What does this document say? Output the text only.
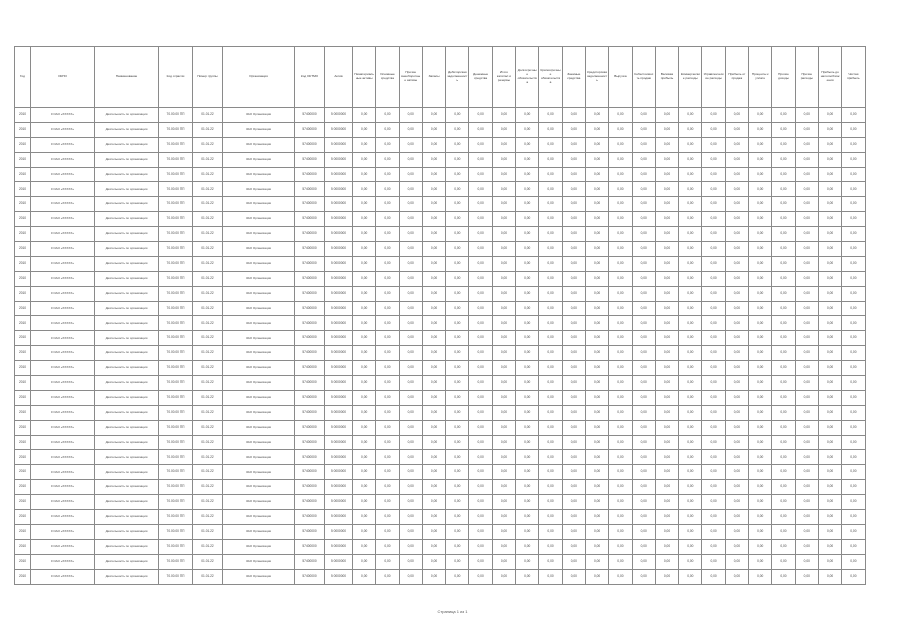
Год	ОКПО	Наименование	Код отрасли	Номер группы	Организация	Код ОКТМО	Актив	Нематериальные активы	Основные средства	Прочие внеоборотные активы	Запасы	Дебиторская задолженность	Денежные средства	Итого капитал и резервы	Долгосрочные обязательства	Краткосрочные обязательства	Заемные средства	Кредиторская задолженность	Выручка	Себестоимость продаж	Валовая прибыль	Коммерческие расходы	Управленческие расходы	Прибыль от продаж	Проценты к уплате	Прочие доходы	Прочие расходы	Прибыль до налогообложения	Чистая прибыль
2010	0 ОАО «ХХХХХ»	Деятельность по организации	70.00.00 ПП	01.01.22	ЗАО Организация	57400000	5 0000000	0,00	0,00	0,00	0,00	0,00	0,00	0,00	0,00	0,00	0,00	0,00	0,00	0,00	0,00	0,00	0,00	0,00	0,00	0,00	0,00	0,00	0,00
2010	0 ОАО «ХХХХХ»	Деятельность по организации	70.00.00 ПП	01.01.22	ЗАО Организация	57400000	5 0000000	0,00	0,00	0,00	0,00	0,00	0,00	0,00	0,00	0,00	0,00	0,00	0,00	0,00	0,00	0,00	0,00	0,00	0,00	0,00	0,00	0,00	0,00
2010	0 ОАО «ХХХХХ»	Деятельность по организации	70.00.00 ПП	01.01.22	ЗАО Организация	57400000	5 0000000	0,00	0,00	0,00	0,00	0,00	0,00	0,00	0,00	0,00	0,00	0,00	0,00	0,00	0,00	0,00	0,00	0,00	0,00	0,00	0,00	0,00	0,00
2010	0 ОАО «ХХХХХ»	Деятельность по организации	70.00.00 ПП	01.01.22	ЗАО Организация	57400000	5 0000000	0,00	0,00	0,00	0,00	0,00	0,00	0,00	0,00	0,00	0,00	0,00	0,00	0,00	0,00	0,00	0,00	0,00	0,00	0,00	0,00	0,00	0,00
2010	0 ОАО «ХХХХХ»	Деятельность по организации	70.00.00 ПП	01.01.22	ЗАО Организация	57400000	5 0000000	0,00	0,00	0,00	0,00	0,00	0,00	0,00	0,00	0,00	0,00	0,00	0,00	0,00	0,00	0,00	0,00	0,00	0,00	0,00	0,00	0,00	0,00
2010	0 ОАО «ХХХХХ»	Деятельность по организации	70.00.00 ПП	01.01.22	ЗАО Организация	57400000	5 0000000	0,00	0,00	0,00	0,00	0,00	0,00	0,00	0,00	0,00	0,00	0,00	0,00	0,00	0,00	0,00	0,00	0,00	0,00	0,00	0,00	0,00	0,00
2010	0 ОАО «ХХХХХ»	Деятельность по организации	70.00.00 ПП	01.01.22	ЗАО Организация	57400000	5 0000000	0,00	0,00	0,00	0,00	0,00	0,00	0,00	0,00	0,00	0,00	0,00	0,00	0,00	0,00	0,00	0,00	0,00	0,00	0,00	0,00	0,00	0,00
2010	0 ОАО «ХХХХХ»	Деятельность по организации	70.00.00 ПП	01.01.22	ЗАО Организация	57400000	5 0000000	0,00	0,00	0,00	0,00	0,00	0,00	0,00	0,00	0,00	0,00	0,00	0,00	0,00	0,00	0,00	0,00	0,00	0,00	0,00	0,00	0,00	0,00
2010	0 ОАО «ХХХХХ»	Деятельность по организации	70.00.00 ПП	01.01.22	ЗАО Организация	57400000	5 0000000	0,00	0,00	0,00	0,00	0,00	0,00	0,00	0,00	0,00	0,00	0,00	0,00	0,00	0,00	0,00	0,00	0,00	0,00	0,00	0,00	0,00	0,00
2010	0 ОАО «ХХХХХ»	Деятельность по организации	70.00.00 ПП	01.01.22	ЗАО Организация	57400000	5 0000000	0,00	0,00	0,00	0,00	0,00	0,00	0,00	0,00	0,00	0,00	0,00	0,00	0,00	0,00	0,00	0,00	0,00	0,00	0,00	0,00	0,00	0,00
2010	0 ОАО «ХХХХХ»	Деятельность по организации	70.00.00 ПП	01.01.22	ЗАО Организация	57400000	5 0000000	0,00	0,00	0,00	0,00	0,00	0,00	0,00	0,00	0,00	0,00	0,00	0,00	0,00	0,00	0,00	0,00	0,00	0,00	0,00	0,00	0,00	0,00
2010	0 ОАО «ХХХХХ»	Деятельность по организации	70.00.00 ПП	01.01.22	ЗАО Организация	57400000	5 0000000	0,00	0,00	0,00	0,00	0,00	0,00	0,00	0,00	0,00	0,00	0,00	0,00	0,00	0,00	0,00	0,00	0,00	0,00	0,00	0,00	0,00	0,00
2010	0 ОАО «ХХХХХ»	Деятельность по организации	70.00.00 ПП	01.01.22	ЗАО Организация	57400000	5 0000000	0,00	0,00	0,00	0,00	0,00	0,00	0,00	0,00	0,00	0,00	0,00	0,00	0,00	0,00	0,00	0,00	0,00	0,00	0,00	0,00	0,00	0,00
2010	0 ОАО «ХХХХХ»	Деятельность по организации	70.00.00 ПП	01.01.22	ЗАО Организация	57400000	5 0000000	0,00	0,00	0,00	0,00	0,00	0,00	0,00	0,00	0,00	0,00	0,00	0,00	0,00	0,00	0,00	0,00	0,00	0,00	0,00	0,00	0,00	0,00
2010	0 ОАО «ХХХХХ»	Деятельность по организации	70.00.00 ПП	01.01.22	ЗАО Организация	57400000	5 0000000	0,00	0,00	0,00	0,00	0,00	0,00	0,00	0,00	0,00	0,00	0,00	0,00	0,00	0,00	0,00	0,00	0,00	0,00	0,00	0,00	0,00	0,00
2010	0 ОАО «ХХХХХ»	Деятельность по организации	70.00.00 ПП	01.01.22	ЗАО Организация	57400000	5 0000000	0,00	0,00	0,00	0,00	0,00	0,00	0,00	0,00	0,00	0,00	0,00	0,00	0,00	0,00	0,00	0,00	0,00	0,00	0,00	0,00	0,00	0,00
2010	0 ОАО «ХХХХХ»	Деятельность по организации	70.00.00 ПП	01.01.22	ЗАО Организация	57400000	5 0000000	0,00	0,00	0,00	0,00	0,00	0,00	0,00	0,00	0,00	0,00	0,00	0,00	0,00	0,00	0,00	0,00	0,00	0,00	0,00	0,00	0,00	0,00
2010	0 ОАО «ХХХХХ»	Деятельность по организации	70.00.00 ПП	01.01.22	ЗАО Организация	57400000	5 0000000	0,00	0,00	0,00	0,00	0,00	0,00	0,00	0,00	0,00	0,00	0,00	0,00	0,00	0,00	0,00	0,00	0,00	0,00	0,00	0,00	0,00	0,00
2010	0 ОАО «ХХХХХ»	Деятельность по организации	70.00.00 ПП	01.01.22	ЗАО Организация	57400000	5 0000000	0,00	0,00	0,00	0,00	0,00	0,00	0,00	0,00	0,00	0,00	0,00	0,00	0,00	0,00	0,00	0,00	0,00	0,00	0,00	0,00	0,00	0,00
2010	0 ОАО «ХХХХХ»	Деятельность по организации	70.00.00 ПП	01.01.22	ЗАО Организация	57400000	5 0000000	0,00	0,00	0,00	0,00	0,00	0,00	0,00	0,00	0,00	0,00	0,00	0,00	0,00	0,00	0,00	0,00	0,00	0,00	0,00	0,00	0,00	0,00
2010	0 ОАО «ХХХХХ»	Деятельность по организации	70.00.00 ПП	01.01.22	ЗАО Организация	57400000	5 0000000	0,00	0,00	0,00	0,00	0,00	0,00	0,00	0,00	0,00	0,00	0,00	0,00	0,00	0,00	0,00	0,00	0,00	0,00	0,00	0,00	0,00	0,00
2010	0 ОАО «ХХХХХ»	Деятельность по организации	70.00.00 ПП	01.01.22	ЗАО Организация	57400000	5 0000000	0,00	0,00	0,00	0,00	0,00	0,00	0,00	0,00	0,00	0,00	0,00	0,00	0,00	0,00	0,00	0,00	0,00	0,00	0,00	0,00	0,00	0,00
2010	0 ОАО «ХХХХХ»	Деятельность по организации	70.00.00 ПП	01.01.22	ЗАО Организация	57400000	5 0000000	0,00	0,00	0,00	0,00	0,00	0,00	0,00	0,00	0,00	0,00	0,00	0,00	0,00	0,00	0,00	0,00	0,00	0,00	0,00	0,00	0,00	0,00
2010	0 ОАО «ХХХХХ»	Деятельность по организации	70.00.00 ПП	01.01.22	ЗАО Организация	57400000	5 0000000	0,00	0,00	0,00	0,00	0,00	0,00	0,00	0,00	0,00	0,00	0,00	0,00	0,00	0,00	0,00	0,00	0,00	0,00	0,00	0,00	0,00	0,00
2010	0 ОАО «ХХХХХ»	Деятельность по организации	70.00.00 ПП	01.01.22	ЗАО Организация	57400000	5 0000000	0,00	0,00	0,00	0,00	0,00	0,00	0,00	0,00	0,00	0,00	0,00	0,00	0,00	0,00	0,00	0,00	0,00	0,00	0,00	0,00	0,00	0,00
2010	0 ОАО «ХХХХХ»	Деятельность по организации	70.00.00 ПП	01.01.22	ЗАО Организация	57400000	5 0000000	0,00	0,00	0,00	0,00	0,00	0,00	0,00	0,00	0,00	0,00	0,00	0,00	0,00	0,00	0,00	0,00	0,00	0,00	0,00	0,00	0,00	0,00
2010	0 ОАО «ХХХХХ»	Деятельность по организации	70.00.00 ПП	01.01.22	ЗАО Организация	57400000	5 0000000	0,00	0,00	0,00	0,00	0,00	0,00	0,00	0,00	0,00	0,00	0,00	0,00	0,00	0,00	0,00	0,00	0,00	0,00	0,00	0,00	0,00	0,00
2010	0 ОАО «ХХХХХ»	Деятельность по организации	70.00.00 ПП	01.01.22	ЗАО Организация	57400000	5 0000000	0,00	0,00	0,00	0,00	0,00	0,00	0,00	0,00	0,00	0,00	0,00	0,00	0,00	0,00	0,00	0,00	0,00	0,00	0,00	0,00	0,00	0,00
2010	0 ОАО «ХХХХХ»	Деятельность по организации	70.00.00 ПП	01.01.22	ЗАО Организация	57400000	5 0000000	0,00	0,00	0,00	0,00	0,00	0,00	0,00	0,00	0,00	0,00	0,00	0,00	0,00	0,00	0,00	0,00	0,00	0,00	0,00	0,00	0,00	0,00
2010	0 ОАО «ХХХХХ»	Деятельность по организации	70.00.00 ПП	01.01.22	ЗАО Организация	57400000	5 0000000	0,00	0,00	0,00	0,00	0,00	0,00	0,00	0,00	0,00	0,00	0,00	0,00	0,00	0,00	0,00	0,00	0,00	0,00	0,00	0,00	0,00	0,00
2010	0 ОАО «ХХХХХ»	Деятельность по организации	70.00.00 ПП	01.01.22	ЗАО Организация	57400000	5 0000000	0,00	0,00	0,00	0,00	0,00	0,00	0,00	0,00	0,00	0,00	0,00	0,00	0,00	0,00	0,00	0,00	0,00	0,00	0,00	0,00	0,00	0,00
2010	0 ОАО «ХХХХХ»	Деятельность по организации	70.00.00 ПП	01.01.22	ЗАО Организация	57400000	5 0000000	0,00	0,00	0,00	0,00	0,00	0,00	0,00	0,00	0,00	0,00	0,00	0,00	0,00	0,00	0,00	0,00	0,00	0,00	0,00	0,00	0,00	0,00
Страница 1 из 1
